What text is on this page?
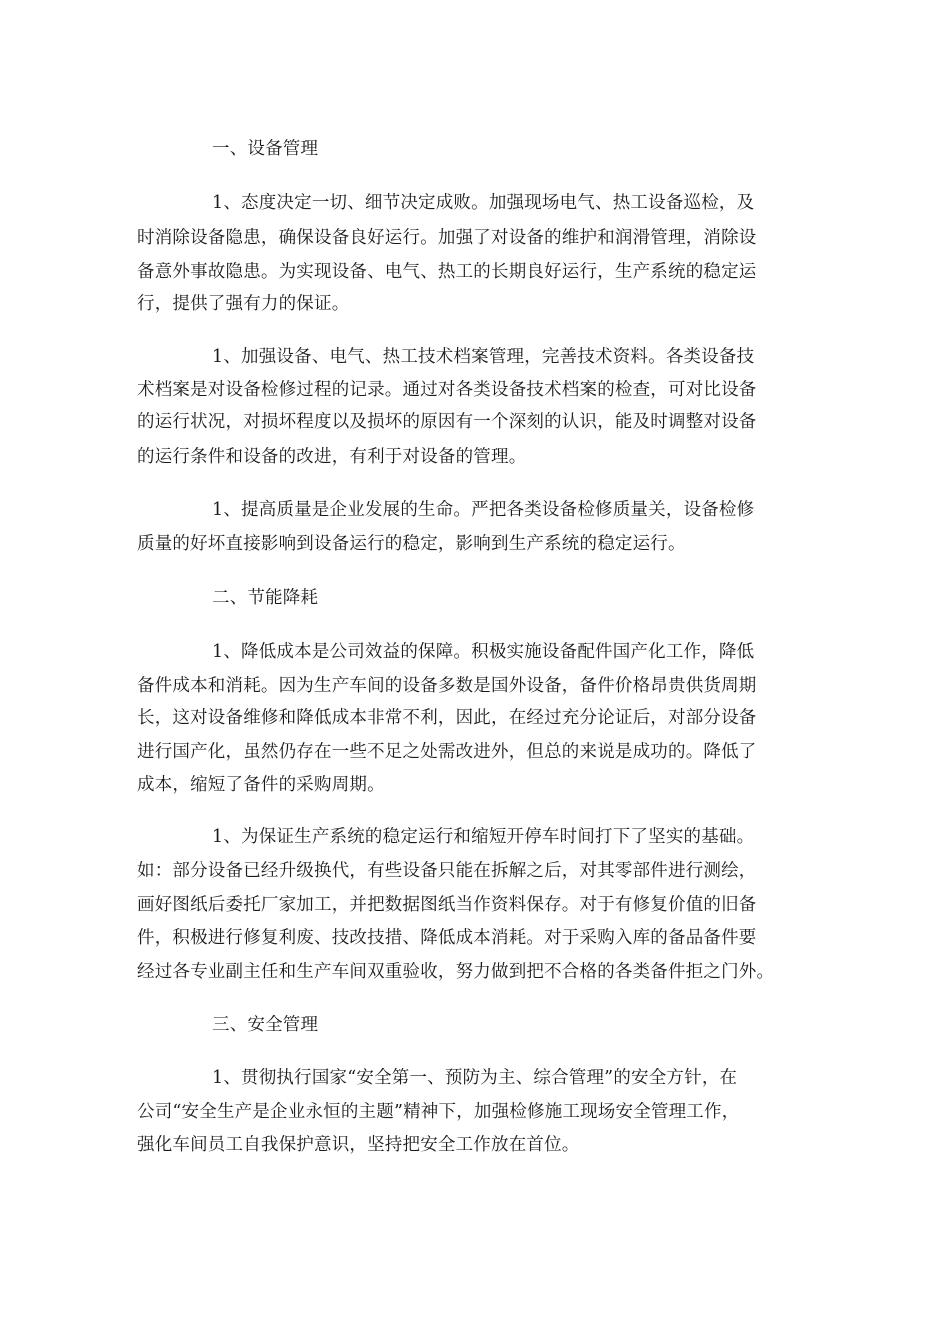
一、设备管理
1、态度决定一切、细节决定成败。加强现场电气、热工设备巡检，及
时消除设备隐患，确保设备良好运行。加强了对设备的维护和润滑管理，消除设
备意外事故隐患。为实现设备、电气、热工的长期良好运行，生产系统的稳定运
行，提供了强有力的保证。
1、加强设备、电气、热工技术档案管理，完善技术资料。各类设备技
术档案是对设备检修过程的记录。通过对各类设备技术档案的检查，可对比设备
的运行状况，对损坏程度以及损坏的原因有一个深刻的认识，能及时调整对设备
的运行条件和设备的改进，有利于对设备的管理。
1、提高质量是企业发展的生命。严把各类设备检修质量关，设备检修
质量的好坏直接影响到设备运行的稳定，影响到生产系统的稳定运行。
二、节能降耗
1、降低成本是公司效益的保障。积极实施设备配件国产化工作，降低
备件成本和消耗。因为生产车间的设备多数是国外设备，备件价格昂贵供货周期
长，这对设备维修和降低成本非常不利，因此，在经过充分论证后，对部分设备
进行国产化，虽然仍存在一些不足之处需改进外，但总的来说是成功的。降低了
成本，缩短了备件的采购周期。
1、为保证生产系统的稳定运行和缩短开停车时间打下了坚实的基础。
如：部分设备已经升级换代，有些设备只能在拆解之后，对其零部件进行测绘，
画好图纸后委托厂家加工，并把数据图纸当作资料保存。对于有修复价值的旧备
件，积极进行修复利废、技改技措、降低成本消耗。对于采购入库的备品备件要
经过各专业副主任和生产车间双重验收，努力做到把不合格的各类备件拒之门外。
三、安全管理
1、贯彻执行国家“安全第一、预防为主、综合管理”的安全方针，在
公司“安全生产是企业永恒的主题”精神下，加强检修施工现场安全管理工作，
强化车间员工自我保护意识，坚持把安全工作放在首位。
